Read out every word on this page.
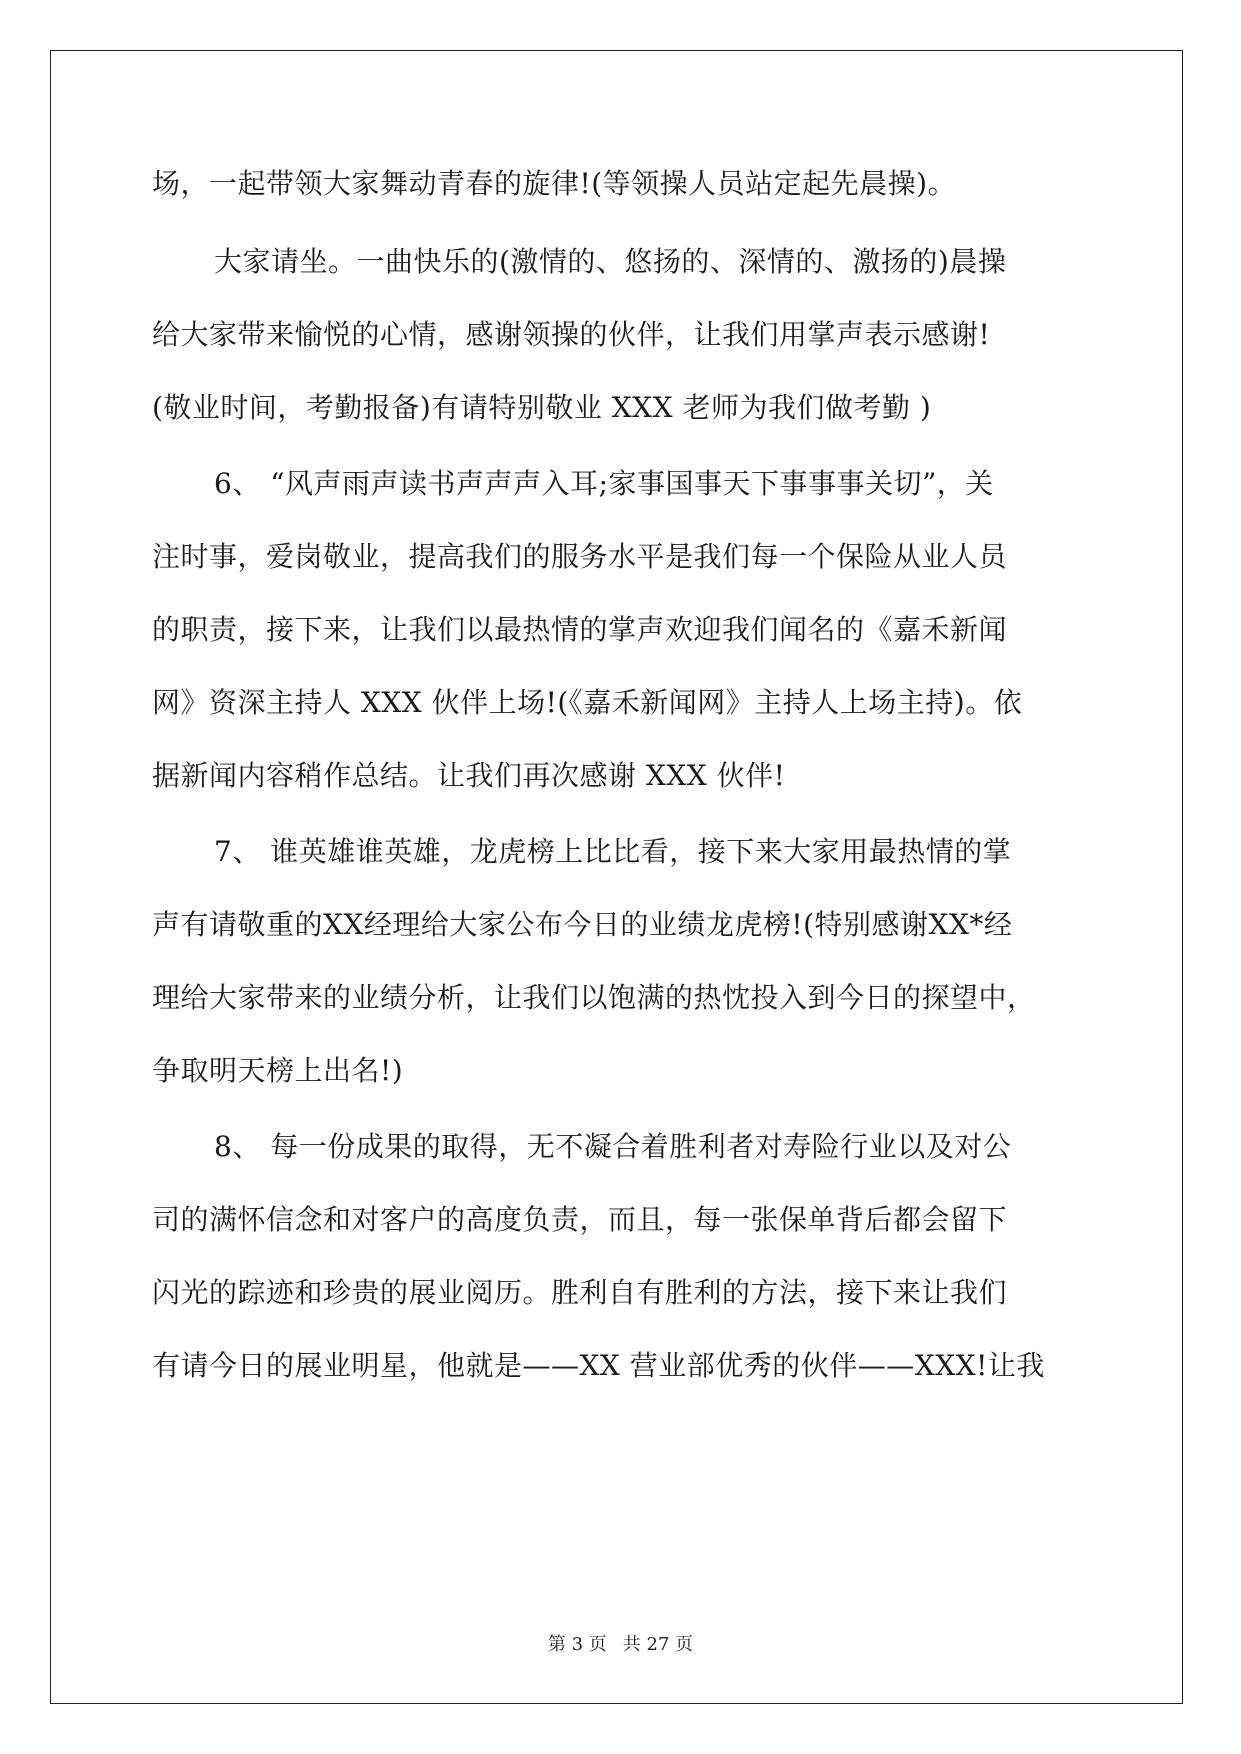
场，一起带领大家舞动青春的旋律!(等领操人员站定起先晨操)。
大家请坐。一曲快乐的(激情的、悠扬的、深情的、激扬的)晨操
给大家带来愉悦的心情，感谢领操的伙伴，让我们用掌声表示感谢!
(敬业时间，考勤报备)有请特别敬业 XXX 老师为我们做考勤 )
6、 “风声雨声读书声声声入耳;家事国事天下事事事关切”，关
注时事，爱岗敬业，提高我们的服务水平是我们每一个保险从业人员
的职责，接下来，让我们以最热情的掌声欢迎我们闻名的《嘉禾新闻
网》资深主持人 XXX 伙伴上场!(《嘉禾新闻网》主持人上场主持)。依
据新闻内容稍作总结。让我们再次感谢 XXX 伙伴!
7、 谁英雄谁英雄，龙虎榜上比比看，接下来大家用最热情的掌
声有请敬重的XX经理给大家公布今日的业绩龙虎榜!(特别感谢XX*经
理给大家带来的业绩分析，让我们以饱满的热忱投入到今日的探望中，
争取明天榜上出名!)
8、 每一份成果的取得，无不凝合着胜利者对寿险行业以及对公
司的满怀信念和对客户的高度负责，而且，每一张保单背后都会留下
闪光的踪迹和珍贵的展业阅历。胜利自有胜利的方法，接下来让我们
有请今日的展业明星，他就是——XX 营业部优秀的伙伴——XXX!让我
第 3 页 共 27 页
